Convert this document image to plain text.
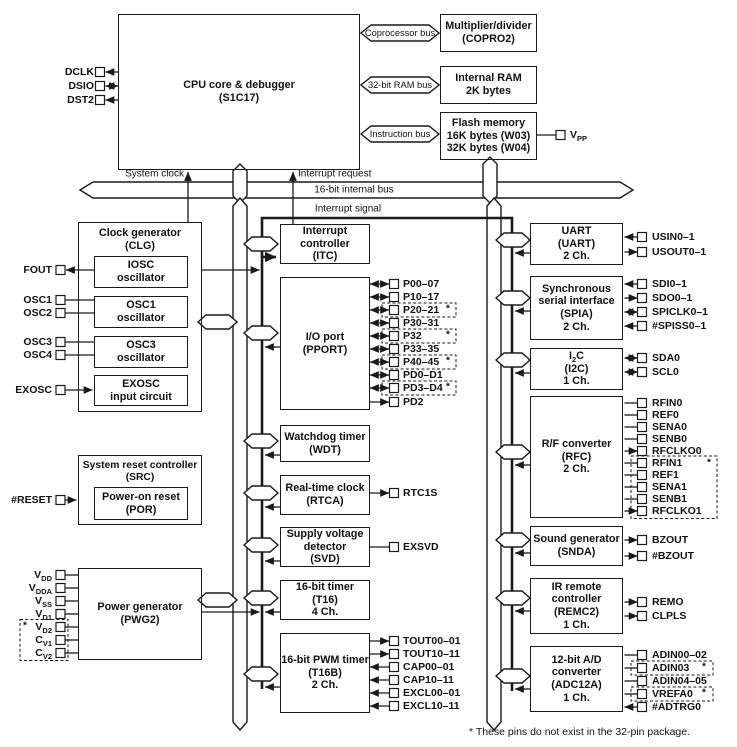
CPU core & debugger
(S1C17)
Multiplier/divider
(COPRO2)
Internal RAM
2K bytes
Flash memory
16K bytes (W03)
32K bytes (W04)
Clock generator
(CLG)
IOSC
oscillator
OSC1
oscillator
OSC3
oscillator
EXOSC
input circuit
System reset controller
(SRC)
Power-on reset
(POR)
Power generator
(PWG2)
Interrupt
controller
(ITC)
I/O port
(PPORT)
Watchdog timer
(WDT)
Real-time clock
(RTCA)
Supply voltage
detector
(SVD)
16-bit timer
(T16)
4 Ch.
16-bit PWM timer
(T16B)
2 Ch.
UART
(UART)
2 Ch.
Synchronous
serial interface
(SPIA)
2 Ch.
$I_2C$
(I2C)
1 Ch.
R/F converter
(RFC)
2 Ch.
Sound generator
(SNDA)
IR remote
controller
(REMC2)
1 Ch.
12-bit A/D
converter
(ADC12A)
1 Ch.
Coprocessor bus
32-bit RAM bus
Instruction bus
16-bit internal bus
System clock	Interrupt request
Interrupt signal
DCLK
DSIO
DST2
$V_{PP}$
FOUT
OSC1
OSC2
OSC3
OSC4
EXOSC
#RESET
$V_{DD}$
$V_{DDA}$
$V_{SS}$
$V_{D1}$
$V_{D2}$
$C_{V1}$
$C_{V2}$
*
P00–07
P10–17
P20–21
P30–31
P32
P33–35
P40–45
PD0–D1
PD3–D4
PD2
*
*
*
*
RTC1S
EXSVD
TOUT00–01
TOUT10–11
CAP00–01
CAP10–11
EXCL00–01
EXCL10–11
USIN0–1
USOUT0–1
SDI0–1
SDO0–1
SPICLK0–1
#SPISS0–1
SDA0
SCL0
RFIN0
REF0
SENA0
SENB0
RFCLKO0
RFIN1
REF1
SENA1
SENB1
RFCLKO1
*
BZOUT
#BZOUT
REMO
CLPLS
ADIN00–02
ADIN03
ADIN04–05
VREFA0
#ADTRG0
*
*
* These pins do not exist in the 32-pin package.
